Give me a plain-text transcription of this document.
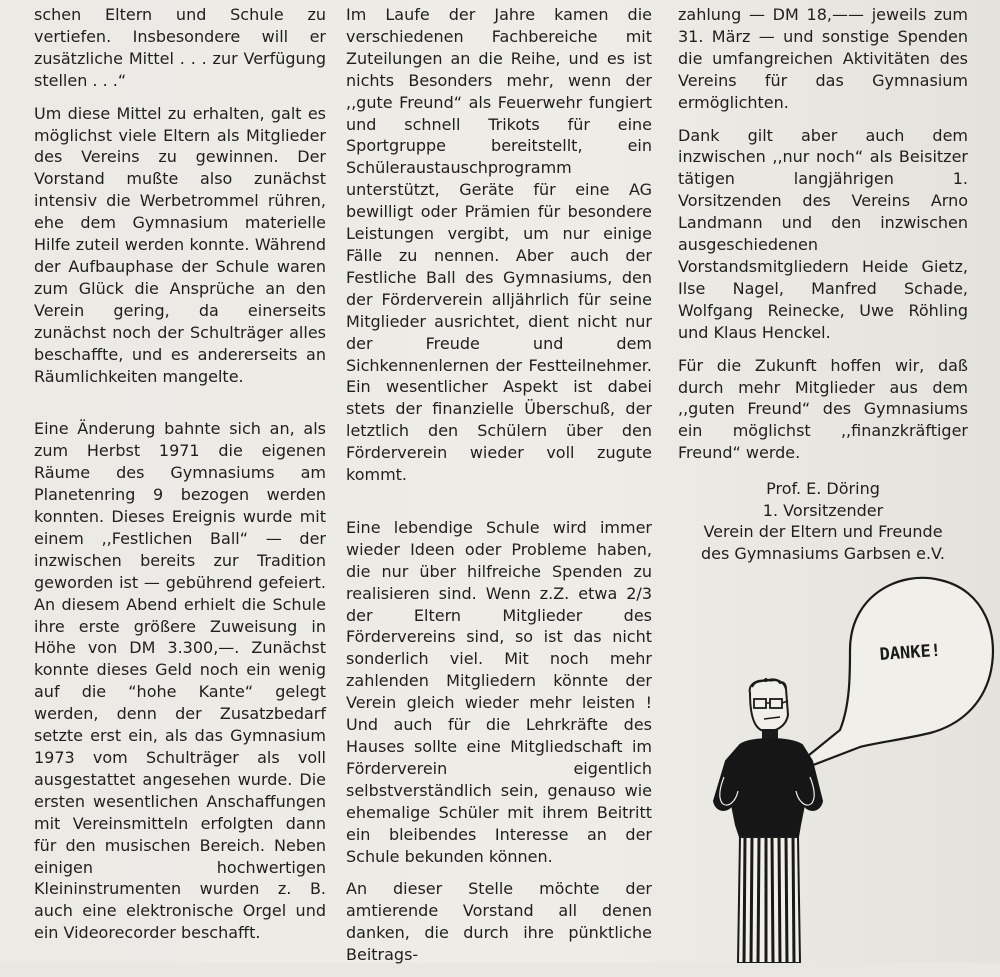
schen Eltern und Schule zu vertiefen. Insbesondere will er zusätzliche Mittel . . . zur Verfügung stellen . . .“

Um diese Mittel zu erhalten, galt es möglichst viele Eltern als Mitglieder des Vereins zu gewinnen. Der Vorstand mußte also zunächst intensiv die Werbetrommel rühren, ehe dem Gymnasium materielle Hilfe zuteil werden konnte. Während der Aufbauphase der Schule waren zum Glück die Ansprüche an den Verein gering, da einerseits zunächst noch der Schulträger alles beschaffte, und es andererseits an Räumlichkeiten mangelte.

Eine Änderung bahnte sich an, als zum Herbst 1971 die eigenen Räume des Gymnasiums am Planetenring 9 bezogen werden konnten. Dieses Ereignis wurde mit einem ,,Festlichen Ball“ — der inzwischen bereits zur Tradition geworden ist — gebührend gefeiert. An diesem Abend erhielt die Schule ihre erste größere Zuweisung in Höhe von DM 3.300,—. Zunächst konnte dieses Geld noch ein wenig auf die “hohe Kante“ gelegt werden, denn der Zusatzbedarf setzte erst ein, als das Gymnasium 1973 vom Schulträger als voll ausgestattet angesehen wurde. Die ersten wesentlichen Anschaffungen mit Vereinsmitteln erfolgten dann für den musischen Bereich. Neben einigen hochwertigen Kleininstrumenten wurden z. B. auch eine elektronische Orgel und ein Videorecorder beschafft.

Im Laufe der Jahre kamen die verschiedenen Fachbereiche mit Zuteilungen an die Reihe, und es ist nichts Besonders mehr, wenn der ,,gute Freund“ als Feuerwehr fungiert und schnell Trikots für eine Sportgruppe bereitstellt, ein Schüleraustauschprogramm unterstützt, Geräte für eine AG bewilligt oder Prämien für besondere Leistungen vergibt, um nur einige Fälle zu nennen. Aber auch der Festliche Ball des Gymnasiums, den der Förderverein alljährlich für seine Mitglieder ausrichtet, dient nicht nur der Freude und dem Sichkennenlernen der Festteilnehmer. Ein wesentlicher Aspekt ist dabei stets der finanzielle Überschuß, der letztlich den Schülern über den Förderverein wieder voll zugute kommt.

Eine lebendige Schule wird immer wieder Ideen oder Probleme haben, die nur über hilfreiche Spenden zu realisieren sind. Wenn z.Z. etwa 2/3 der Eltern Mitglieder des Fördervereins sind, so ist das nicht sonderlich viel. Mit noch mehr zahlenden Mitgliedern könnte der Verein gleich wieder mehr leisten ! Und auch für die Lehrkräfte des Hauses sollte eine Mitgliedschaft im Förderverein eigentlich selbstverständlich sein, genauso wie ehemalige Schüler mit ihrem Beitritt ein bleibendes Interesse an der Schule bekunden können.

An dieser Stelle möchte der amtierende Vorstand all denen danken, die durch ihre pünktliche Beitrags-

zahlung — DM 18,—— jeweils zum 31. März — und sonstige Spenden die umfangreichen Aktivitäten des Vereins für das Gymnasium ermöglichten.

Dank gilt aber auch dem inzwischen ,,nur noch“ als Beisitzer tätigen langjährigen 1. Vorsitzenden des Vereins Arno Landmann und den inzwischen ausgeschiedenen Vorstandsmitgliedern Heide Gietz, Ilse Nagel, Manfred Schade, Wolfgang Reinecke, Uwe Röhling und Klaus Henckel.

Für die Zukunft hoffen wir, daß durch mehr Mitglieder aus dem ,,guten Freund“ des Gymnasiums ein möglichst ,,finanzkräftiger Freund“ werde.

Prof. E. Döring
1. Vorsitzender
Verein der Eltern und Freunde
des Gymnasiums Garbsen e.V.
DANKE!
